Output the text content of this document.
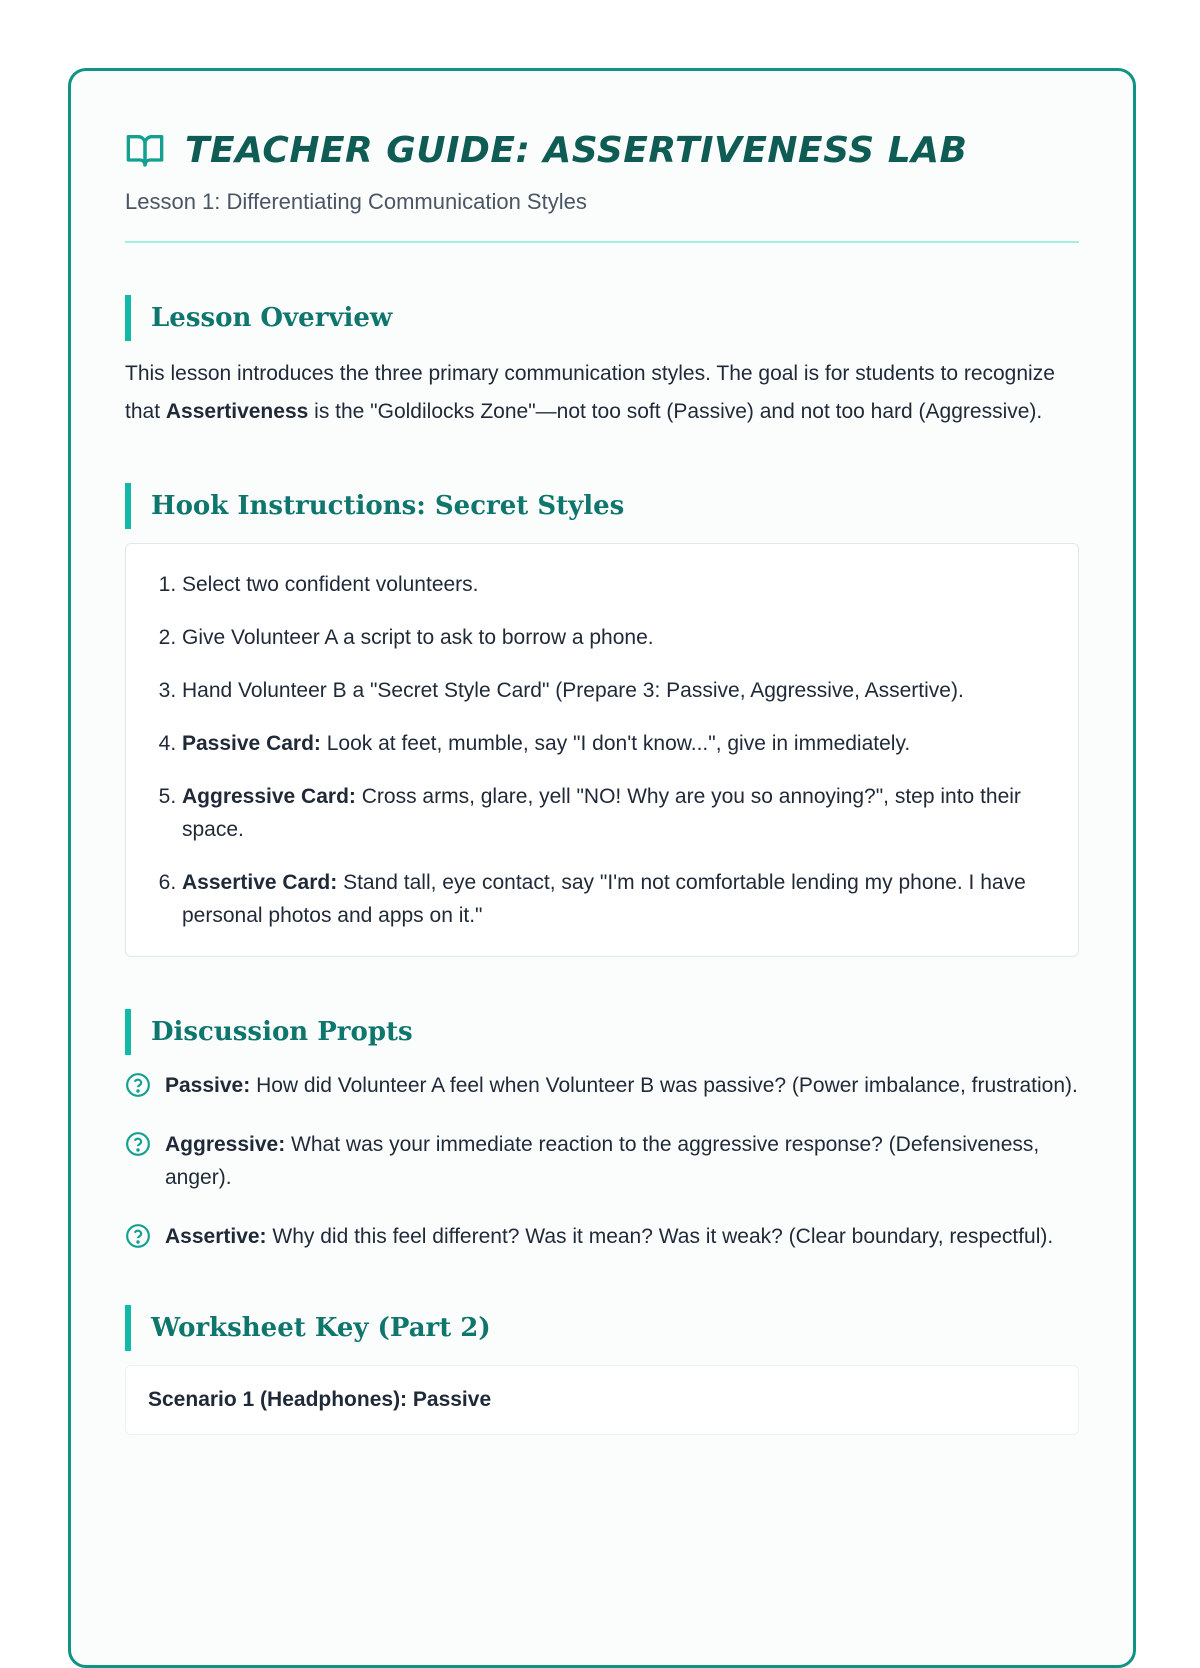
TEACHER GUIDE: ASSERTIVENESS LAB
Lesson 1: Differentiating Communication Styles
Lesson Overview

This lesson introduces the three primary communication styles. The goal is for students to recognize that Assertiveness is the "Goldilocks Zone"—not too soft (Passive) and not too hard (Aggressive).

Hook Instructions: Secret Styles
1. Select two confident volunteers.
2. Give Volunteer A a script to ask to borrow a phone.
3. Hand Volunteer B a "Secret Style Card" (Prepare 3: Passive, Aggressive, Assertive).
4. Passive Card: Look at feet, mumble, say "I don't know...", give in immediately.
5. Aggressive Card: Cross arms, glare, yell "NO! Why are you so annoying?", step into their space.
6. Assertive Card: Stand tall, eye contact, say "I'm not comfortable lending my phone. I have personal photos and apps on it."
Discussion Propts
Passive: How did Volunteer A feel when Volunteer B was passive? (Power imbalance, frustration).
Aggressive: What was your immediate reaction to the aggressive response? (Defensiveness, anger).
Assertive: Why did this feel different? Was it mean? Was it weak? (Clear boundary, respectful).
Worksheet Key (Part 2)
Scenario 1 (Headphones): Passive
